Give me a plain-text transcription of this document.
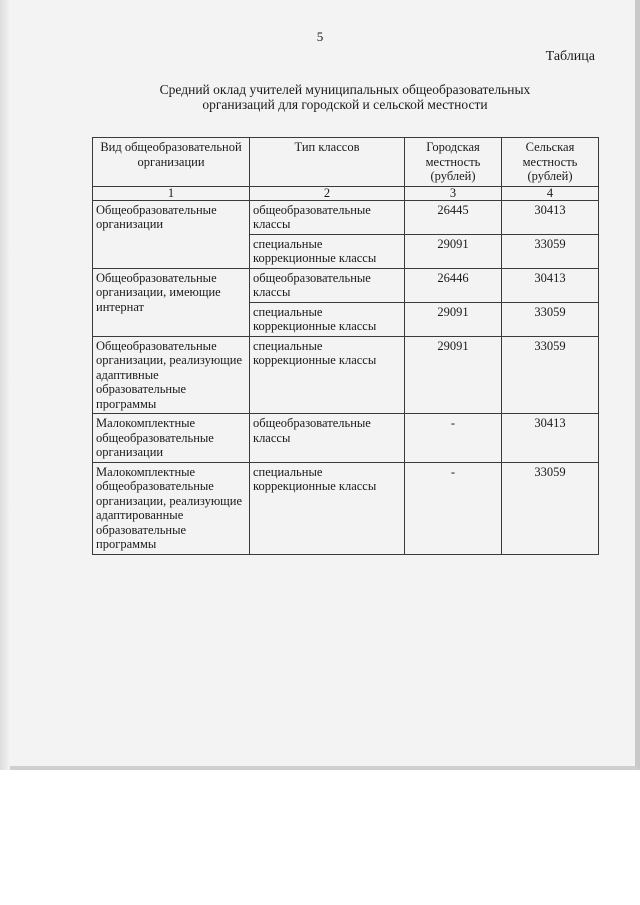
5
Таблица
Средний оклад учителей муниципальных общеобразовательных организаций для городской и сельской местности
Вид общеобразовательной организации	Тип классов	Городская местность (рублей)	Сельская местность (рублей)
1	2	3	4
Общеобразовательные организации	общеобразовательные классы	26445	30413
	специальные коррекционные классы	29091	33059
Общеобразовательные организации, имеющие интернат	общеобразовательные классы	26446	30413
	специальные коррекционные классы	29091	33059
Общеобразовательные организации, реализующие адаптивные образовательные программы	специальные коррекционные классы	29091	33059
Малокомплектные общеобразовательные организации	общеобразовательные классы	-	30413
Малокомплектные общеобразовательные организации, реализующие адаптированные образовательные программы	специальные коррекционные классы	-	33059
